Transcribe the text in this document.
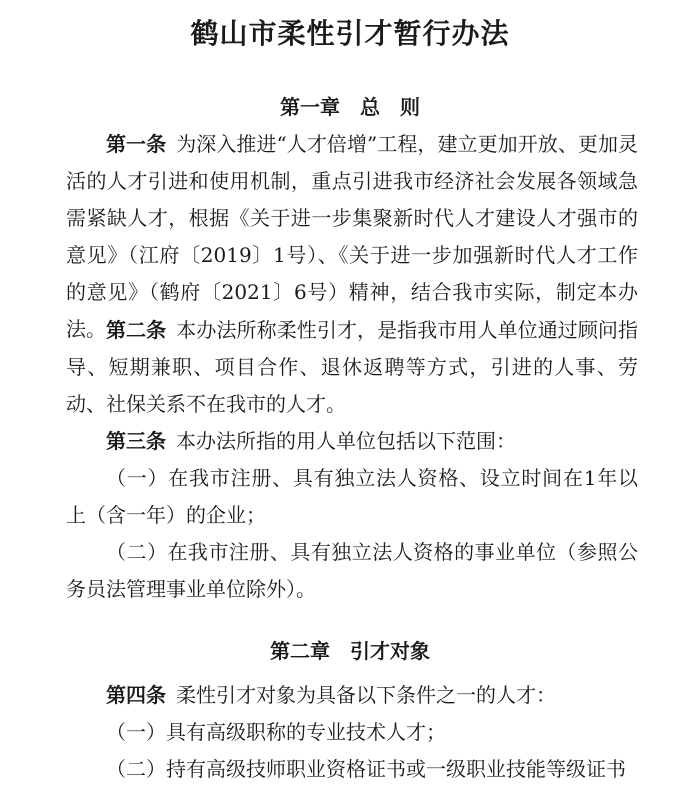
鹤山市柔性引才暂行办法
第一章　总　则

第一条 为深入推进“人才倍增”工程，建立更加开放、更加灵活的人才引进和使用机制，重点引进我市经济社会发展各领域急需紧缺人才，根据《关于进一步集聚新时代人才建设人才强市的意见》（江府〔2019〕1号）、《关于进一步加强新时代人才工作的意见》（鹤府〔2021〕6号）精神，结合我市实际，制定本办法。 第二条 本办法所称柔性引才，是指我市用人单位通过顾问指导、短期兼职、项目合作、退休返聘等方式，引进的人事、劳动、社保关系不在我市的人才。

第三条 本办法所指的用人单位包括以下范围：

（一）在我市注册、具有独立法人资格、设立时间在1年以上（含一年）的企业；

（二）在我市注册、具有独立法人资格的事业单位（参照公务员法管理事业单位除外）。

第二章　引才对象

第四条 柔性引才对象为具备以下条件之一的人才：

（一）具有高级职称的专业技术人才；

（二）持有高级技师职业资格证书或一级职业技能等级证书
